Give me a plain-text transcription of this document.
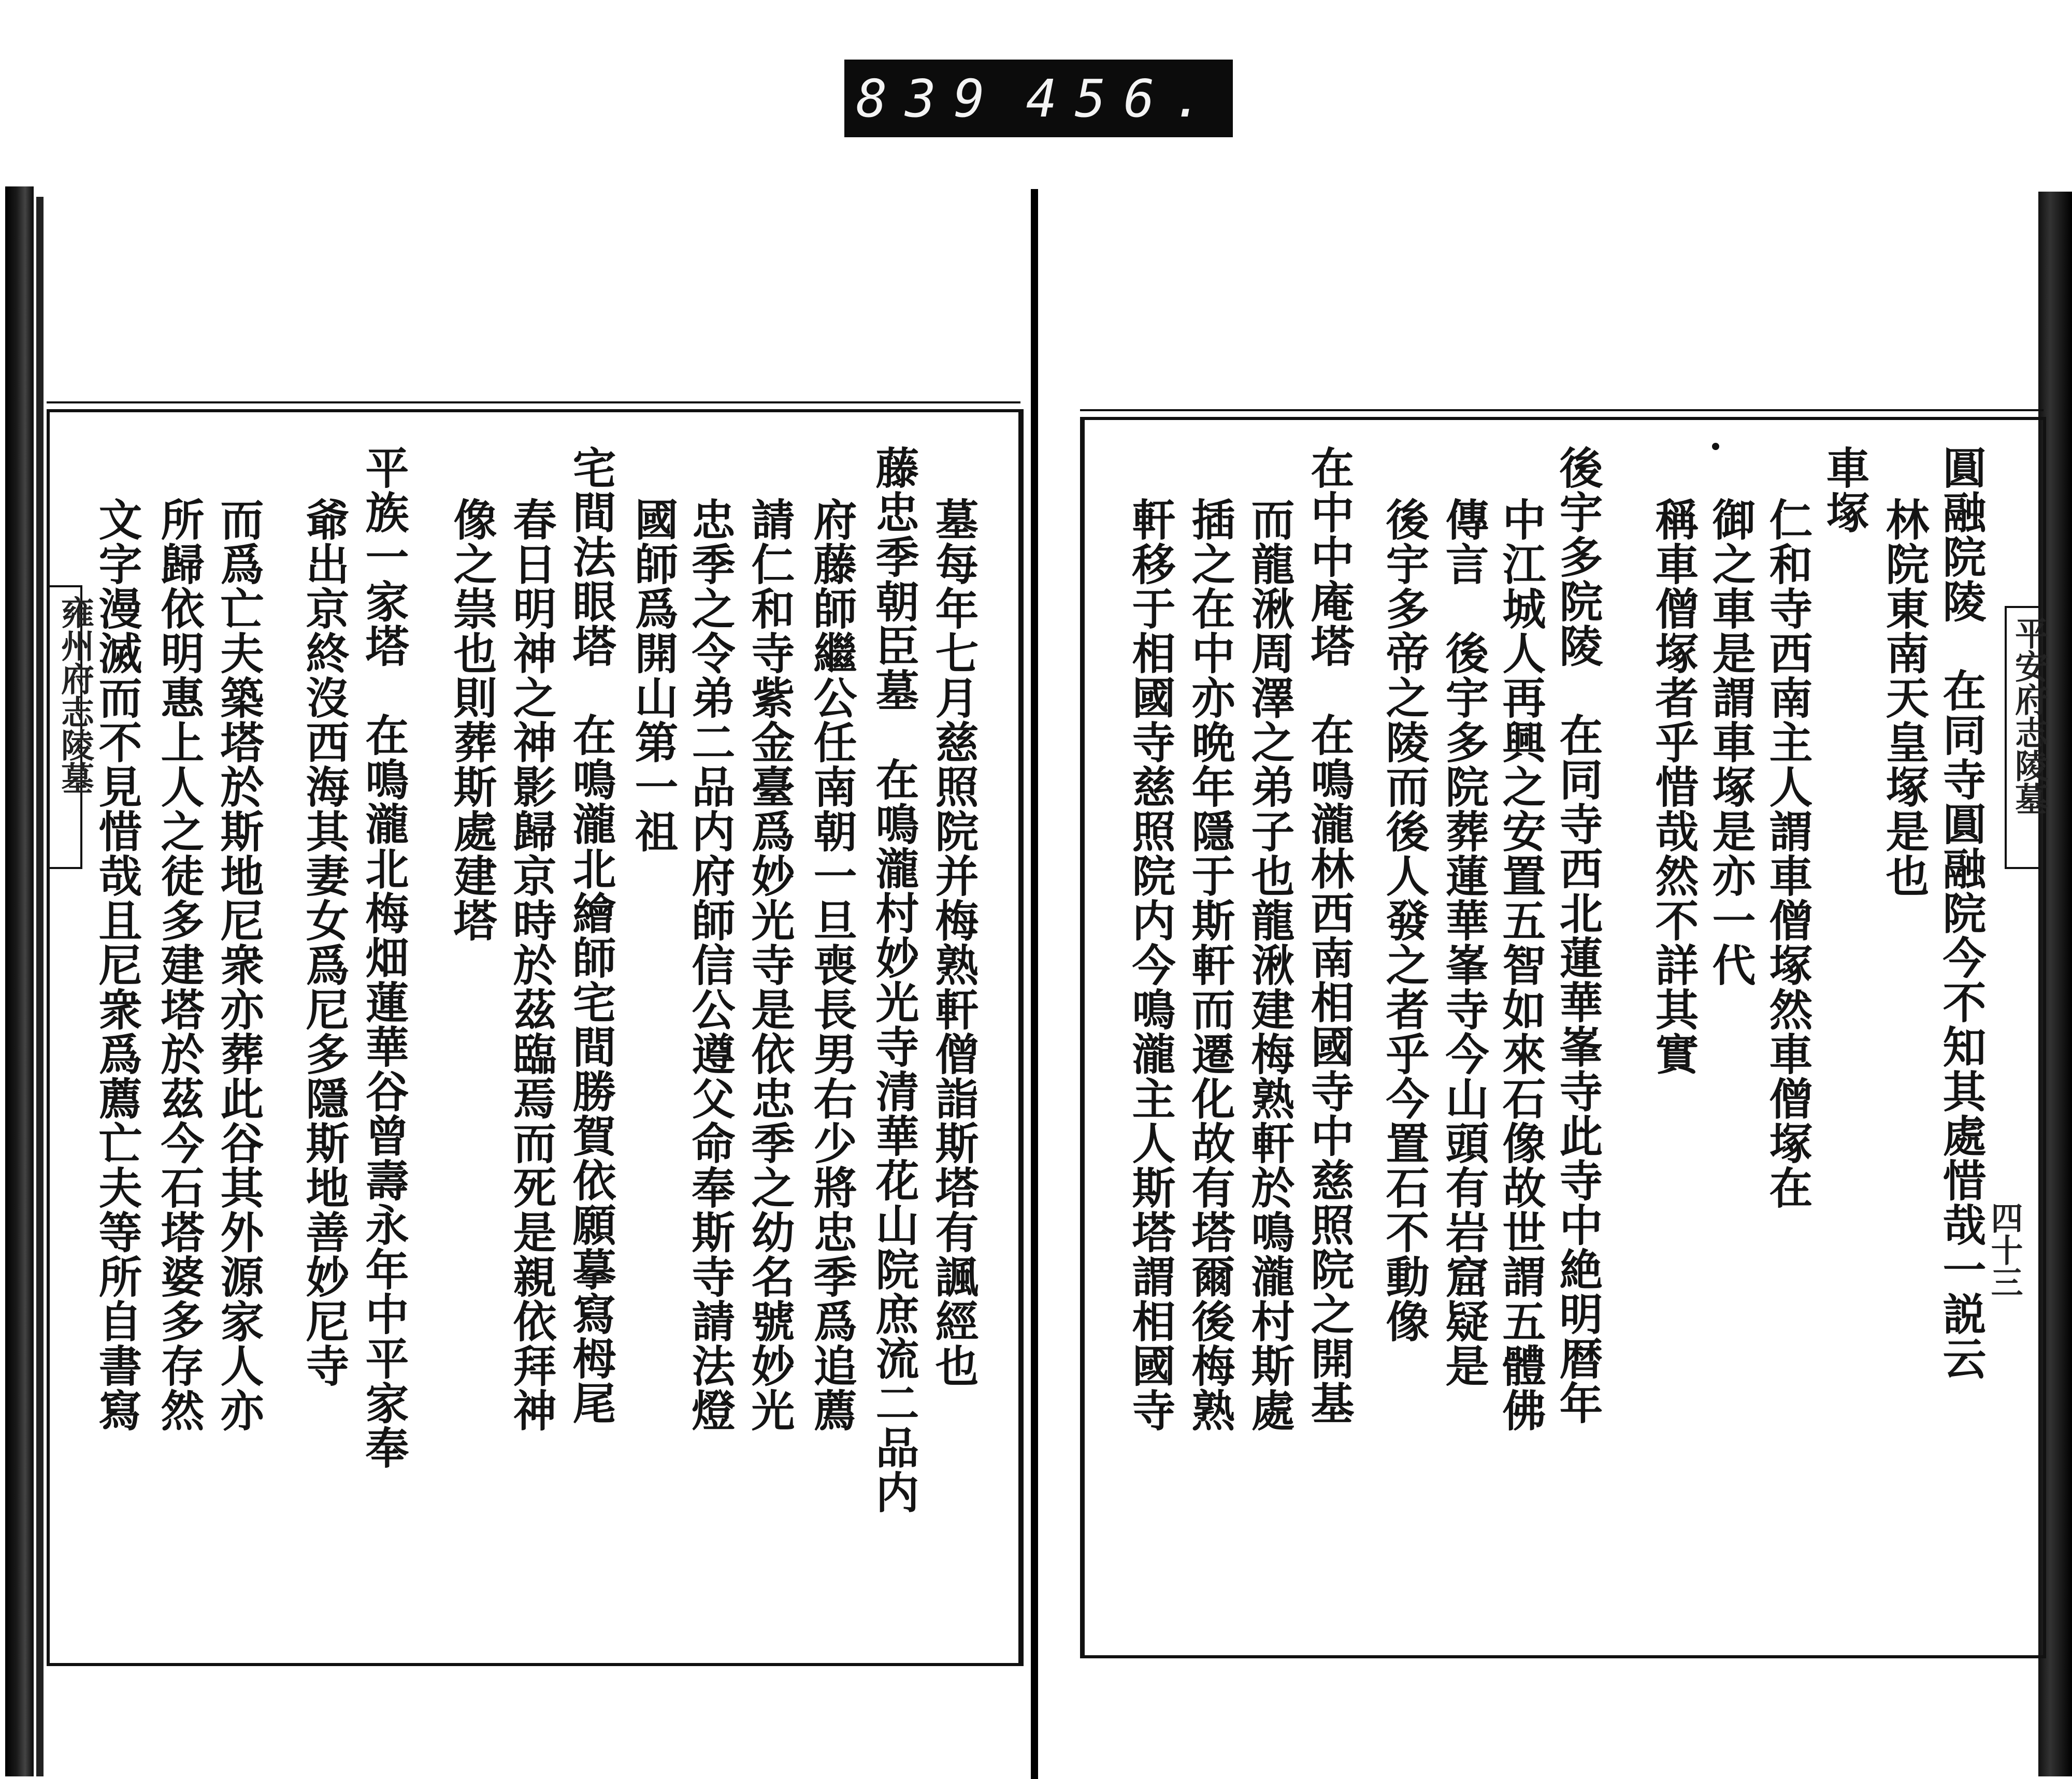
839 456.
平安府志陵墓
四十三
圓融院陵　在同寺圓融院今不知其處惜哉一説云
林院東南天皇塚是也
車塚
仁和寺西南主人謂車僧塚然車僧塚在
御之車是謂車塚是亦一代
稱車僧塚者乎惜哉然不詳其實
後宇多院陵　在同寺西北蓮華峯寺此寺中絶明暦年
中江城人再興之安置五智如來石像故世謂五體佛
傳言　後宇多院葬蓮華峯寺今山頭有岩窟疑是
後宇多帝之陵而後人發之者乎今置石不動像
在中中庵塔　在鳴瀧林西南相國寺中慈照院之開基
而龍湫周澤之弟子也龍湫建梅熟軒於鳴瀧村斯處
插之在中亦晩年隱于斯軒而遷化故有塔爾後梅熟
軒移于相國寺慈照院内今鳴瀧主人斯塔謂相國寺
雍州府志陵墓	墓每年七月慈照院并梅熟軒僧詣斯塔有諷經也
藤忠季朝臣墓　在鳴瀧村妙光寺清華花山院庶流二品内
府藤師繼公任南朝一旦喪長男右少將忠季爲追薦
請仁和寺紫金臺爲妙光寺是依忠季之幼名號妙光
忠季之令弟二品内府師信公遵父命奉斯寺請法燈
國師爲開山第一祖
宅間法眼塔　在鳴瀧北繪師宅間勝賀依願摹寫栂尾
春日明神之神影歸京時於茲臨焉而死是親依拜神
像之祟也則葬斯處建塔
平族一家塔　在鳴瀧北梅畑蓮華谷曾壽永年中平家奉
爺出京終沒西海其妻女爲尼多隱斯地善妙尼寺
而爲亡夫築塔於斯地尼衆亦葬此谷其外源家人亦
所歸依明惠上人之徒多建塔於茲今石塔婆多存然
文字漫滅而不見惜哉且尼衆爲薦亡夫等所自書寫
